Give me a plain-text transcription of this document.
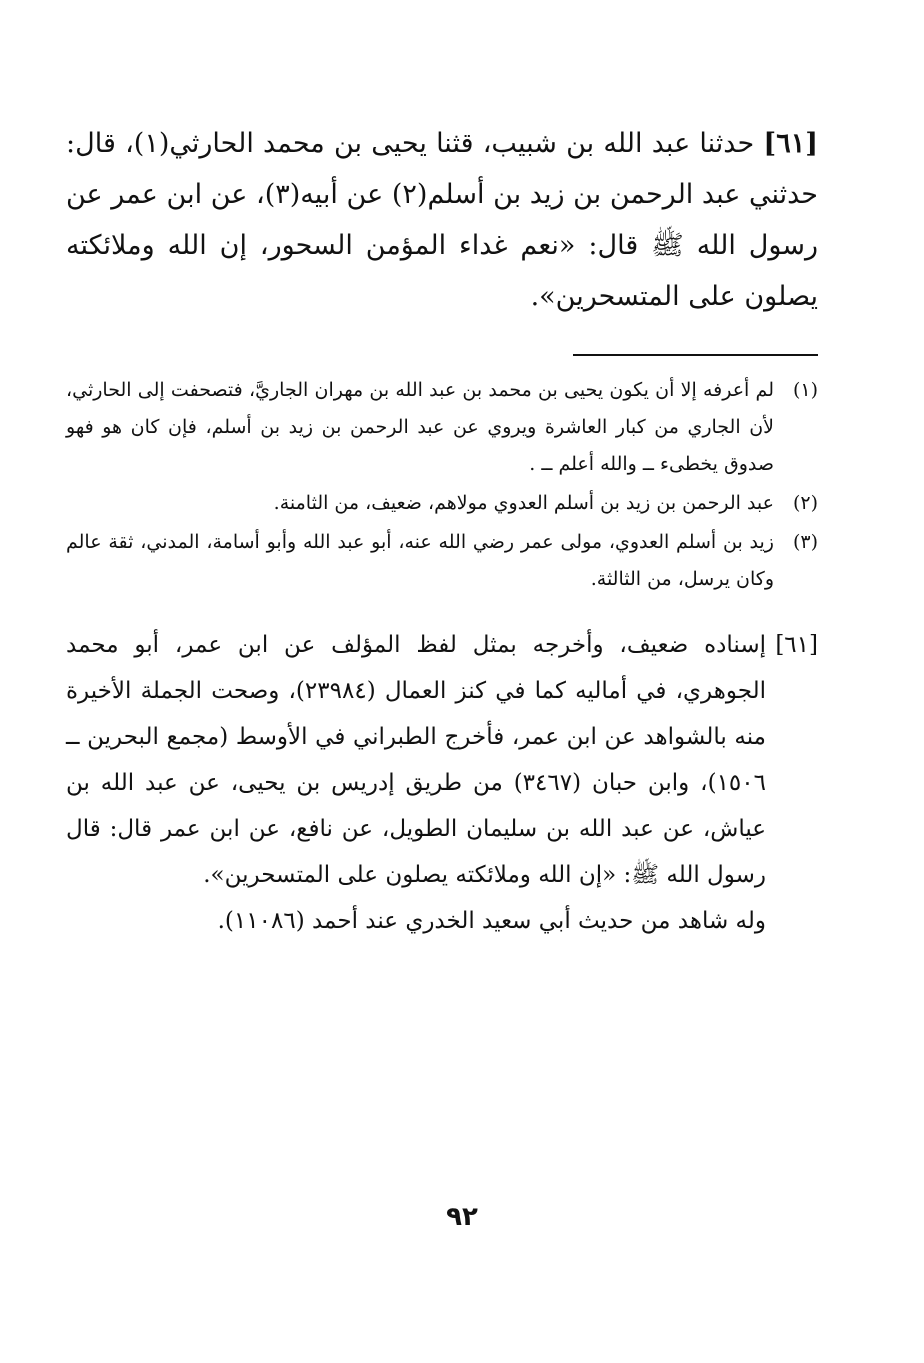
[٦١] حدثنا عبد الله بن شبيب، قثنا يحيى بن محمد الحارثي(١)، قال: حدثني عبد الرحمن بن زيد بن أسلم(٢) عن أبيه(٣)، عن ابن عمر عن رسول الله ﷺ قال: «نعم غداء المؤمن السحور، إن الله وملائكته يصلون على المتسحرين».

(١)
لم أعرفه إلا أن يكون يحيى بن محمد بن عبد الله بن مهران الجاريَّ، فتصحفت إلى الحارثي، لأن الجاري من كبار العاشرة ويروي عن عبد الرحمن بن زيد بن أسلم، فإن كان هو فهو صدوق يخطىء ــ والله أعلم ــ .
(٢)
عبد الرحمن بن زيد بن أسلم العدوي مولاهم، ضعيف، من الثامنة.
(٣)
زيد بن أسلم العدوي، مولى عمر رضي الله عنه، أبو عبد الله وأبو أسامة، المدني، ثقة عالم وكان يرسل، من الثالثة.
[٦١]

إسناده ضعيف، وأخرجه بمثل لفظ المؤلف عن ابن عمر، أبو محمد الجوهري، في أماليه كما في كنز العمال (٢٣٩٨٤)، وصحت الجملة الأخيرة منه بالشواهد عن ابن عمر، فأخرج الطبراني في الأوسط (مجمع البحرين ــ ١٥٠٦)، وابن حبان (٣٤٦٧) من طريق إدريس بن يحيى، عن عبد الله بن عياش، عن عبد الله بن سليمان الطويل، عن نافع، عن ابن عمر قال: قال رسول الله ﷺ: «إن الله وملائكته يصلون على المتسحرين».

وله شاهد من حديث أبي سعيد الخدري عند أحمد (١١٠٨٦).

٩٢
